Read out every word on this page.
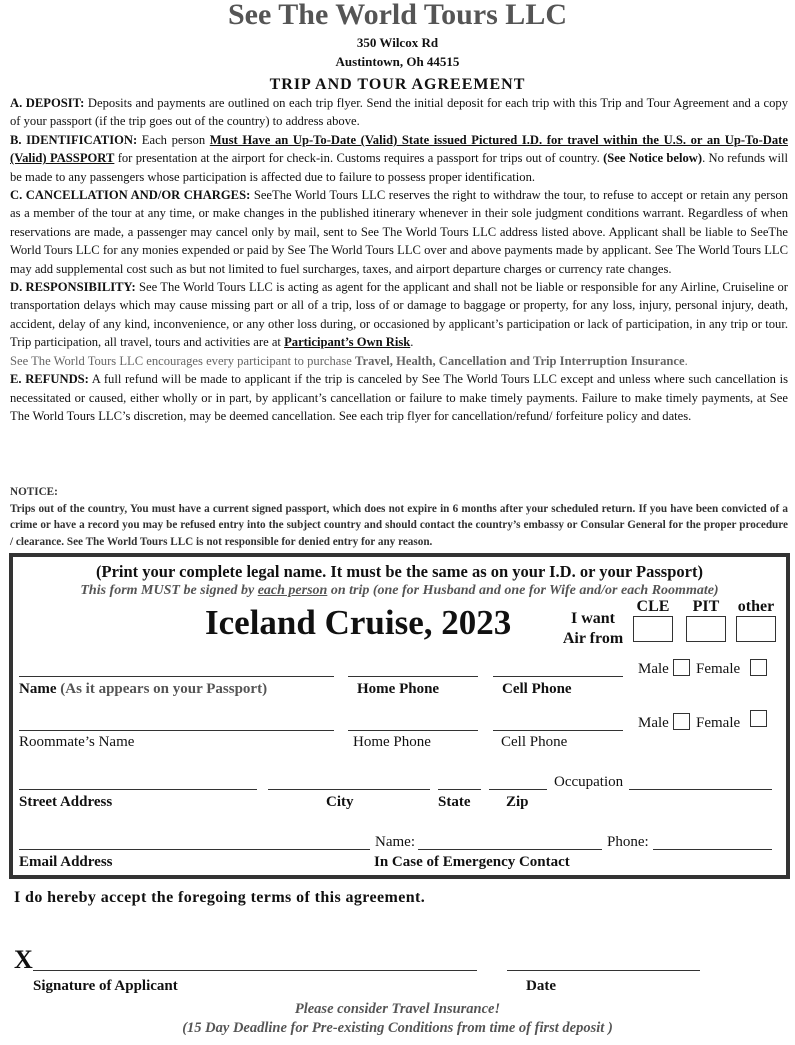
See The World Tours LLC
350 Wilcox Rd
Austintown, Oh 44515
TRIP AND TOUR AGREEMENT

A. DEPOSIT: Deposits and payments are outlined on each trip flyer. Send the initial deposit for each trip with this Trip and Tour Agreement and a copy of your passport (if the trip goes out of the country) to address above.

B. IDENTIFICATION: Each person Must Have an Up-To-Date (Valid) State issued Pictured I.D. for travel within the U.S. or an Up-To-Date (Valid) PASSPORT for presentation at the airport for check-in. Customs requires a passport for trips out of country. (See Notice below). No refunds will be made to any passengers whose participation is affected due to failure to possess proper identification.

C. CANCELLATION AND/OR CHARGES: SeeThe World Tours LLC reserves the right to withdraw the tour, to refuse to accept or retain any person as a member of the tour at any time, or make changes in the published itinerary whenever in their sole judgment conditions warrant. Regardless of when reservations are made, a passenger may cancel only by mail, sent to See The World Tours LLC address listed above. Applicant shall be liable to SeeThe World Tours LLC for any monies expended or paid by See The World Tours LLC over and above payments made by applicant. See The World Tours LLC may add supplemental cost such as but not limited to fuel surcharges, taxes, and airport departure charges or currency rate changes.

D. RESPONSIBILITY: See The World Tours LLC is acting as agent for the applicant and shall not be liable or responsible for any Airline, Cruiseline or transportation delays which may cause missing part or all of a trip, loss of or damage to baggage or property, for any loss, injury, personal injury, death, accident, delay of any kind, inconvenience, or any other loss during, or occasioned by applicant’s participation or lack of participation, in any trip or tour. Trip participation, all travel, tours and activities are at Participant’s Own Risk.

See The World Tours LLC encourages every participant to purchase Travel, Health, Cancellation and Trip Interruption Insurance.

E. REFUNDS: A full refund will be made to applicant if the trip is canceled by See The World Tours LLC except and unless where such cancellation is necessitated or caused, either wholly or in part, by applicant’s cancellation or failure to make timely payments. Failure to make timely payments, at See The World Tours LLC’s discretion, may be deemed cancellation. See each trip flyer for cancellation/refund/ forfeiture policy and dates.

NOTICE:

Trips out of the country, You must have a current signed passport, which does not expire in 6 months after your scheduled return. If you have been convicted of a crime or have a record you may be refused entry into the subject country and should contact the country’s embassy or Consular General for the proper procedure / clearance. See The World Tours LLC is not responsible for denied entry for any reason.

(Print your complete legal name. It must be the same as on your I.D. or your Passport)
This form MUST be signed by each person on trip (one for Husband and one for Wife and/or each Roommate)
Iceland Cruise, 2023	I want Air from
CLE	PIT	other
Male Female
Name (As it appears on your Passport)	Home Phone	Cell Phone
Male Female
Roommate’s Name	Home Phone	Cell Phone
Occupation
Street Address	City	State Zip
Name:	Phone:
Email Address	In Case of Emergency Contact
I do hereby accept the foregoing terms of this agreement.
X
Signature of Applicant	Date
Please consider Travel Insurance!
(15 Day Deadline for Pre-existing Conditions from time of first deposit )
